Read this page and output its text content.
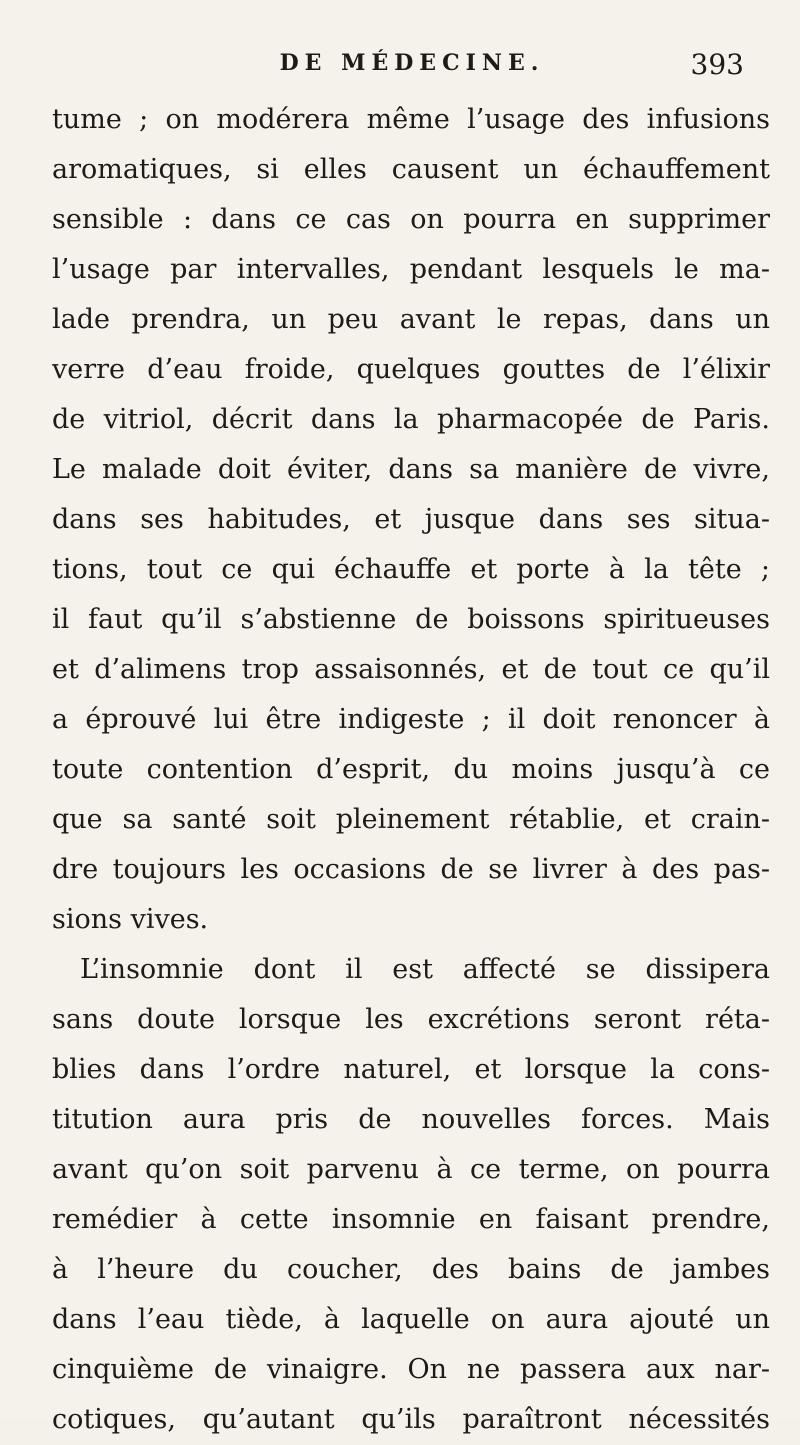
DE MÉDECINE.	393
tume ; on modérera même l’usage des infusions
aromatiques, si elles causent un échauffement
sensible : dans ce cas on pourra en supprimer
l’usage par intervalles, pendant lesquels le ma-
lade prendra, un peu avant le repas, dans un
verre d’eau froide, quelques gouttes de l’élixir
de vitriol, décrit dans la pharmacopée de Paris.
Le malade doit éviter, dans sa manière de vivre,
dans ses habitudes, et jusque dans ses situa-
tions, tout ce qui échauffe et porte à la tête ;
il faut qu’il s’abstienne de boissons spiritueuses
et d’alimens trop assaisonnés, et de tout ce qu’il
a éprouvé lui être indigeste ; il doit renoncer à
toute contention d’esprit, du moins jusqu’à ce
que sa santé soit pleinement rétablie, et crain-
dre toujours les occasions de se livrer à des pas-
sions vives.
L’insomnie dont il est affecté se dissipera
sans doute lorsque les excrétions seront réta-
blies dans l’ordre naturel, et lorsque la cons-
titution aura pris de nouvelles forces. Mais
avant qu’on soit parvenu à ce terme, on pourra
remédier à cette insomnie en faisant prendre,
à l’heure du coucher, des bains de jambes
dans l’eau tiède, à laquelle on aura ajouté un
cinquième de vinaigre. On ne passera aux nar-
cotiques, qu’autant qu’ils paraîtront nécessités
